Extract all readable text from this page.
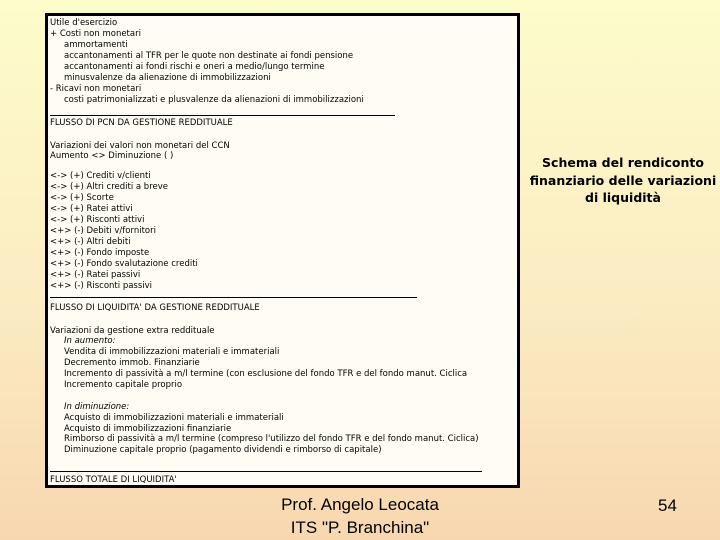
Utile d'esercizio
+ Costi non monetari
ammortamenti
accantonamenti al TFR per le quote non destinate ai fondi pensione
accantonamenti ai fondi rischi e oneri a medio/lungo termine
minusvalenze da alienazione di immobilizzazioni
- Ricavi non monetari
costi patrimonializzati e plusvalenze da alienazioni di immobilizzazioni
FLUSSO DI PCN DA GESTIONE REDDITUALE
Variazioni dei valori non monetari del CCN
Aumento <> Diminuzione ( )
<-> (+) Crediti v/clienti
<-> (+) Altri crediti a breve
<-> (+) Scorte
<-> (+) Ratei attivi
<-> (+) Risconti attivi
<+> (-) Debiti v/fornitori
<+> (-) Altri debiti
<+> (-) Fondo imposte
<+> (-) Fondo svalutazione crediti
<+> (-) Ratei passivi
<+> (-) Risconti passivi
FLUSSO DI LIQUIDITA' DA GESTIONE REDDITUALE
Variazioni da gestione extra reddituale
In aumento:
Vendita di immobilizzazioni materiali e immateriali
Decremento immob. Finanziarie
Incremento di passività a m/l termine (con esclusione del fondo TFR e del fondo manut. Ciclica
Incremento capitale proprio
In diminuzione:
Acquisto di immobilizzazioni materiali e immateriali
Acquisto di immobilizzazioni finanziarie
Rimborso di passività a m/l termine (compreso l'utilizzo del fondo TFR e del fondo manut. Ciclica)
Diminuzione capitale proprio (pagamento dividendi e rimborso di capitale)
FLUSSO TOTALE DI LIQUIDITA'
Schema del rendiconto finanziario delle variazioni di liquidità
Prof. Angelo Leocata
ITS "P. Branchina"
54
